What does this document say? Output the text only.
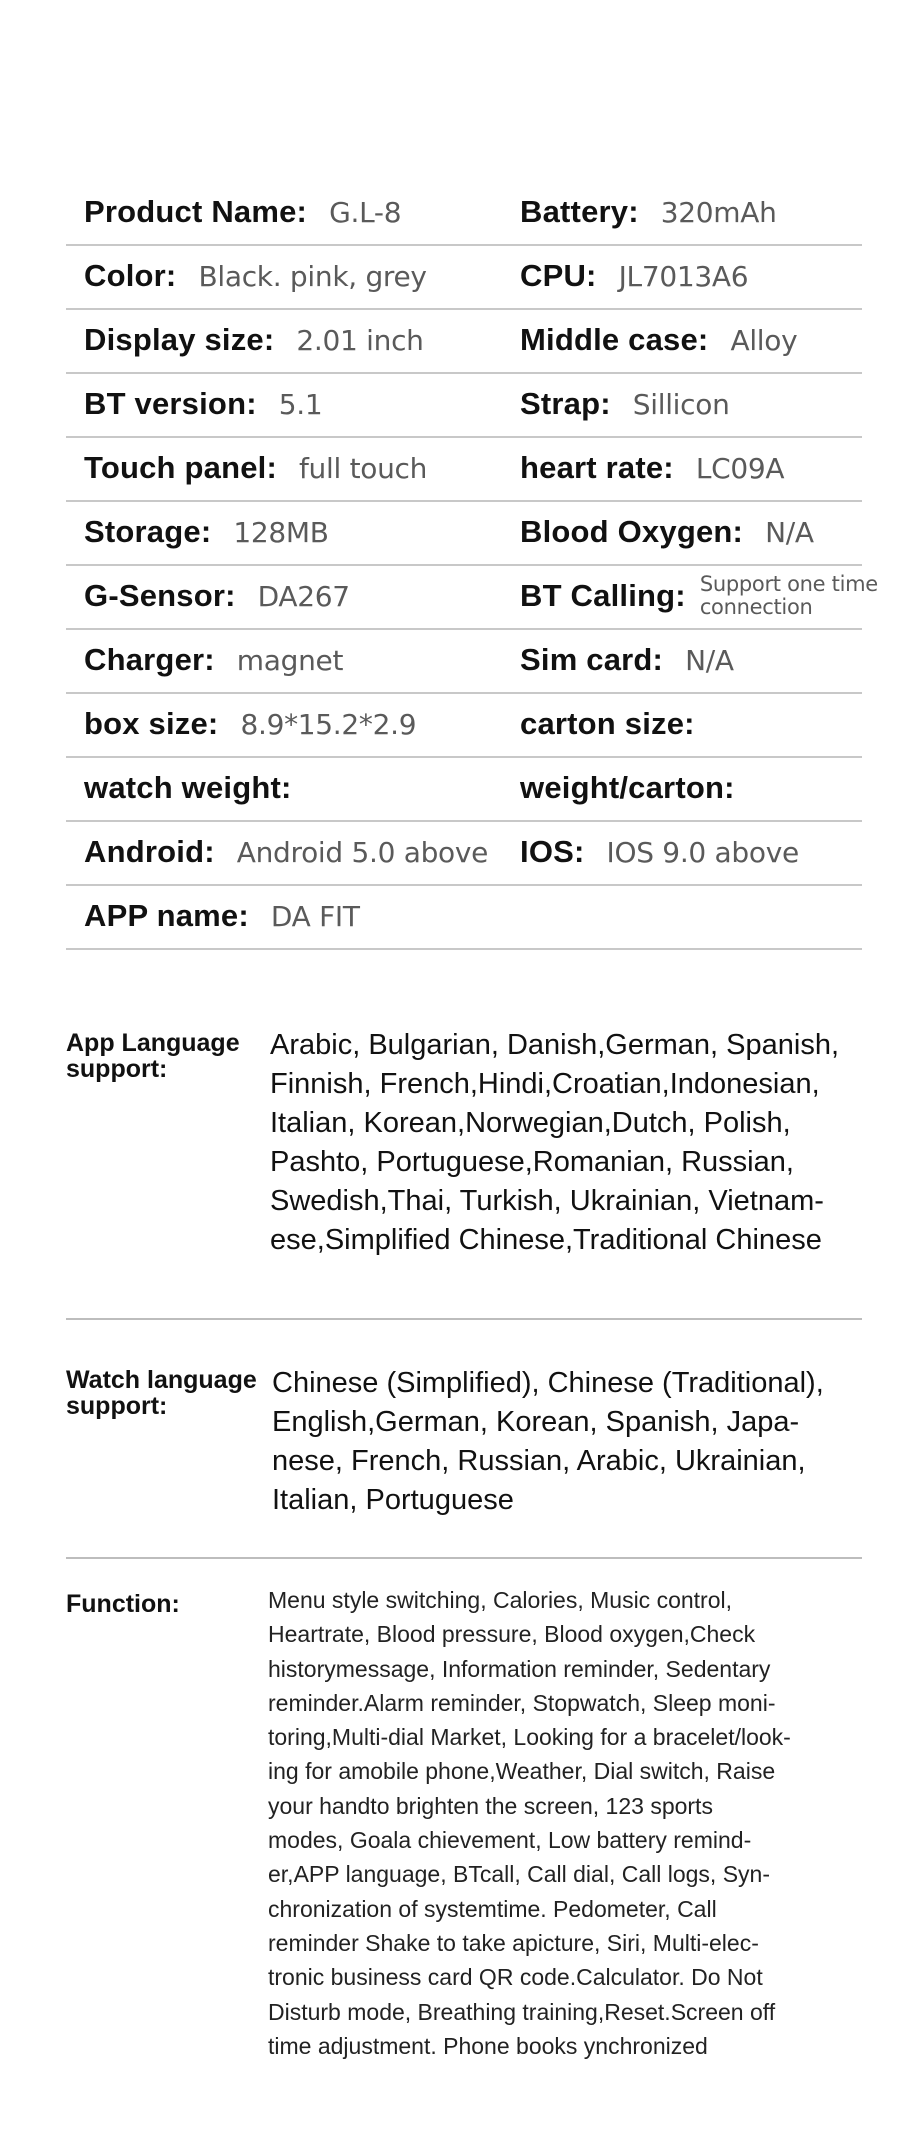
Product Name: G.L-8	Battery: 320mAh
Color: Black. pink, grey	CPU: JL7013A6
Display size: 2.01 inch	Middle case: Alloy
BT version: 5.1	Strap: Sillicon
Touch panel: full touch	heart rate: LC09A
Storage: 128MB	Blood Oxygen: N/A
G-Sensor: DA267	BT Calling: Support one time connection
Charger: magnet	Sim card: N/A
box size: 8.9*15.2*2.9	carton size:
watch weight:	weight/carton:
Android: Android 5.0 above IOS: IOS 9.0 above
APP name: DA FIT
App Language
support:
Arabic, Bulgarian, Danish,German, Spanish,
Finnish, French,Hindi,Croatian,Indonesian,
Italian, Korean,Norwegian,Dutch, Polish,
Pashto, Portuguese,Romanian, Russian,
Swedish,Thai, Turkish, Ukrainian, Vietnam-
ese,Simplified Chinese,Traditional Chinese
Watch language
support:
Chinese (Simplified), Chinese (Traditional),
English,German, Korean, Spanish, Japa-
nese, French, Russian, Arabic, Ukrainian,
Italian, Portuguese
Function:	Menu style switching, Calories, Music control,
Heartrate, Blood pressure, Blood oxygen,Check
historymessage, Information reminder, Sedentary
reminder.Alarm reminder, Stopwatch, Sleep moni-
toring,Multi-dial Market, Looking for a bracelet/look-
ing for amobile phone,Weather, Dial switch, Raise
your handto brighten the screen, 123 sports
modes, Goala chievement, Low battery remind-
er,APP language, BTcall, Call dial, Call logs, Syn-
chronization of systemtime. Pedometer, Call
reminder Shake to take apicture, Siri, Multi-elec-
tronic business card QR code.Calculator. Do Not
Disturb mode, Breathing training,Reset.Screen off
time adjustment. Phone books ynchronized
